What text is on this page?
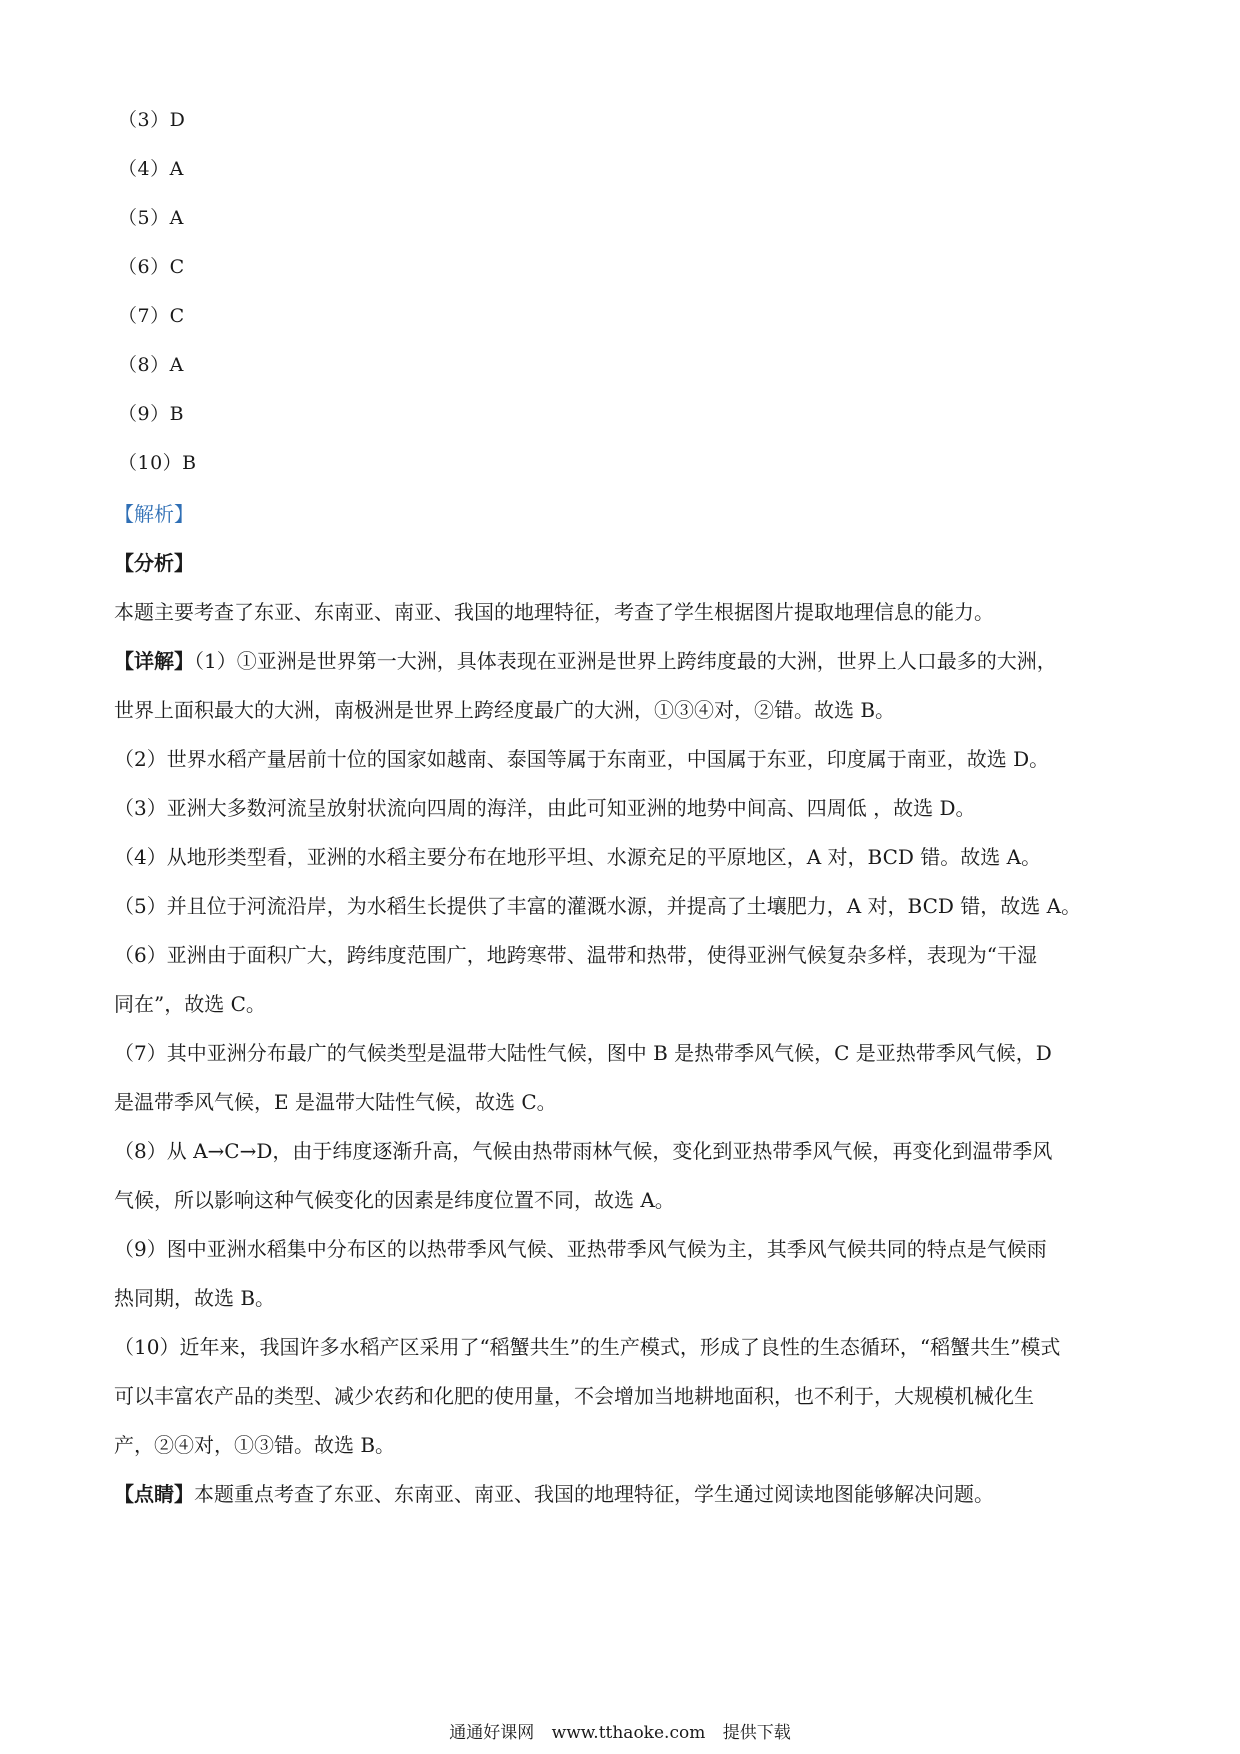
（3）D
（4）A
（5）A
（6）C
（7）C
（8）A
（9）B
（10）B
【解析】
【分析】
本题主要考查了东亚、东南亚、南亚、我国的地理特征，考查了学生根据图片提取地理信息的能力。
【详解】（1）①亚洲是世界第一大洲，具体表现在亚洲是世界上跨纬度最的大洲，世界上人口最多的大洲，
世界上面积最大的大洲，南极洲是世界上跨经度最广的大洲，①③④对，②错。故选 B。
（2）世界水稻产量居前十位的国家如越南、泰国等属于东南亚，中国属于东亚，印度属于南亚，故选 D。
（3）亚洲大多数河流呈放射状流向四周的海洋，由此可知亚洲的地势中间高、四周低 ，故选 D。
（4）从地形类型看，亚洲的水稻主要分布在地形平坦、水源充足的平原地区，A 对，BCD 错。故选 A。
（5）并且位于河流沿岸，为水稻生长提供了丰富的灌溉水源，并提高了土壤肥力，A 对，BCD 错，故选 A。
（6）亚洲由于面积广大，跨纬度范围广，地跨寒带、温带和热带，使得亚洲气候复杂多样，表现为“干湿
同在”，故选 C。
（7）其中亚洲分布最广的气候类型是温带大陆性气候，图中 B 是热带季风气候，C 是亚热带季风气候，D
是温带季风气候，E 是温带大陆性气候，故选 C。
（8）从 A→C→D，由于纬度逐渐升高，气候由热带雨林气候，变化到亚热带季风气候，再变化到温带季风
气候，所以影响这种气候变化的因素是纬度位置不同，故选 A。
（9）图中亚洲水稻集中分布区的以热带季风气候、亚热带季风气候为主，其季风气候共同的特点是气候雨
热同期，故选 B。
（10）近年来，我国许多水稻产区采用了“稻蟹共生”的生产模式，形成了良性的生态循环，“稻蟹共生”模式
可以丰富农产品的类型、减少农药和化肥的使用量，不会增加当地耕地面积，也不利于，大规模机械化生
产，②④对，①③错。故选 B。
【点睛】本题重点考查了东亚、东南亚、南亚、我国的地理特征，学生通过阅读地图能够解决问题。
通通好课网 www.tthaoke.com 提供下载
